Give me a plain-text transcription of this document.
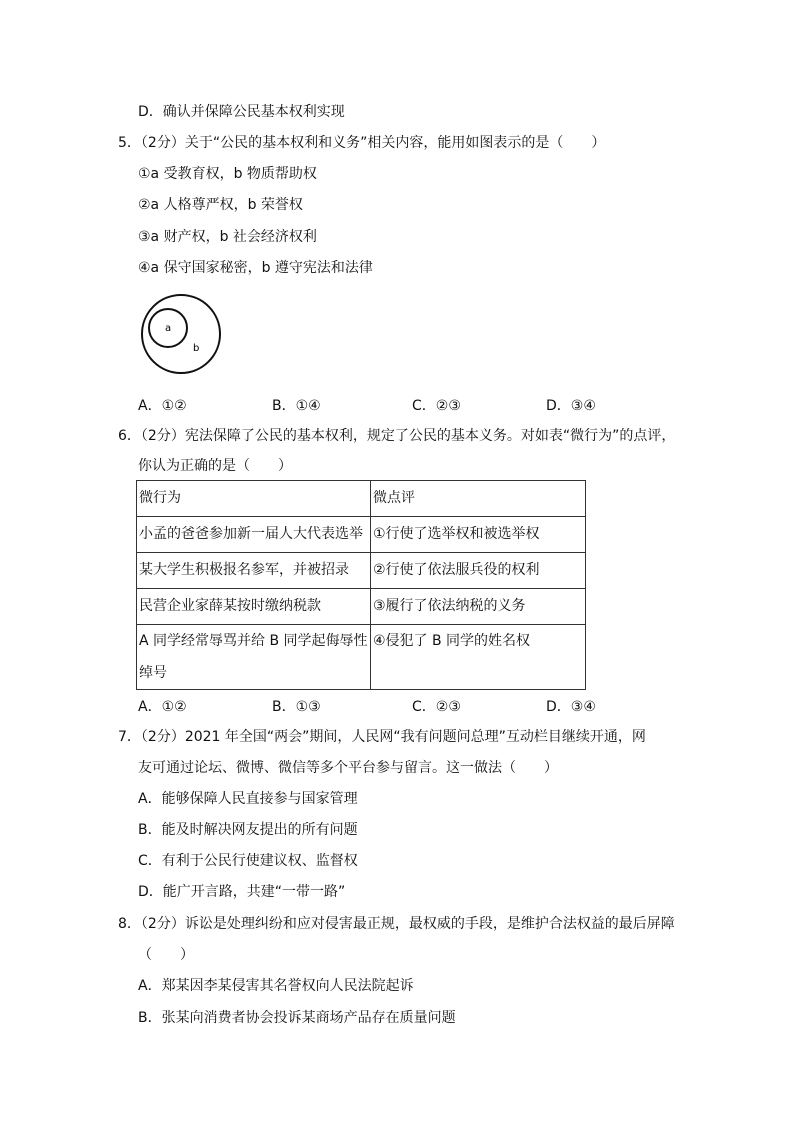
D．确认并保障公民基本权利实现
5．（2分）关于“公民的基本权利和义务”相关内容，能用如图表示的是（　　）
①a 受教育权，b 物质帮助权
②a 人格尊严权，b 荣誉权
③a 财产权，b 社会经济权利
④a 保守国家秘密，b 遵守宪法和法律
a
b
A．①②	B．①④	C．②③	D．③④
6．（2分）宪法保障了公民的基本权利，规定了公民的基本义务。对如表“微行为”的点评，
你认为正确的是（　　）
微行为	微点评
小孟的爸爸参加新一届人大代表选举	①行使了选举权和被选举权
某大学生积极报名参军，并被招录	②行使了依法服兵役的权利
民营企业家薛某按时缴纳税款	③履行了依法纳税的义务
A 同学经常辱骂并给 B 同学起侮辱性绰号	④侵犯了 B 同学的姓名权
A．①②	B．①③	C．②③	D．③④
7．（2分）2021 年全国“两会”期间，人民网“我有问题问总理”互动栏目继续开通，网
友可通过论坛、微博、微信等多个平台参与留言。这一做法（　　）
A．能够保障人民直接参与国家管理
B．能及时解决网友提出的所有问题
C．有利于公民行使建议权、监督权
D．能广开言路，共建“一带一路”
8．（2分）诉讼是处理纠纷和应对侵害最正规，最权威的手段，是维护合法权益的最后屏障
（　　）
A．郑某因李某侵害其名誉权向人民法院起诉
B．张某向消费者协会投诉某商场产品存在质量问题
